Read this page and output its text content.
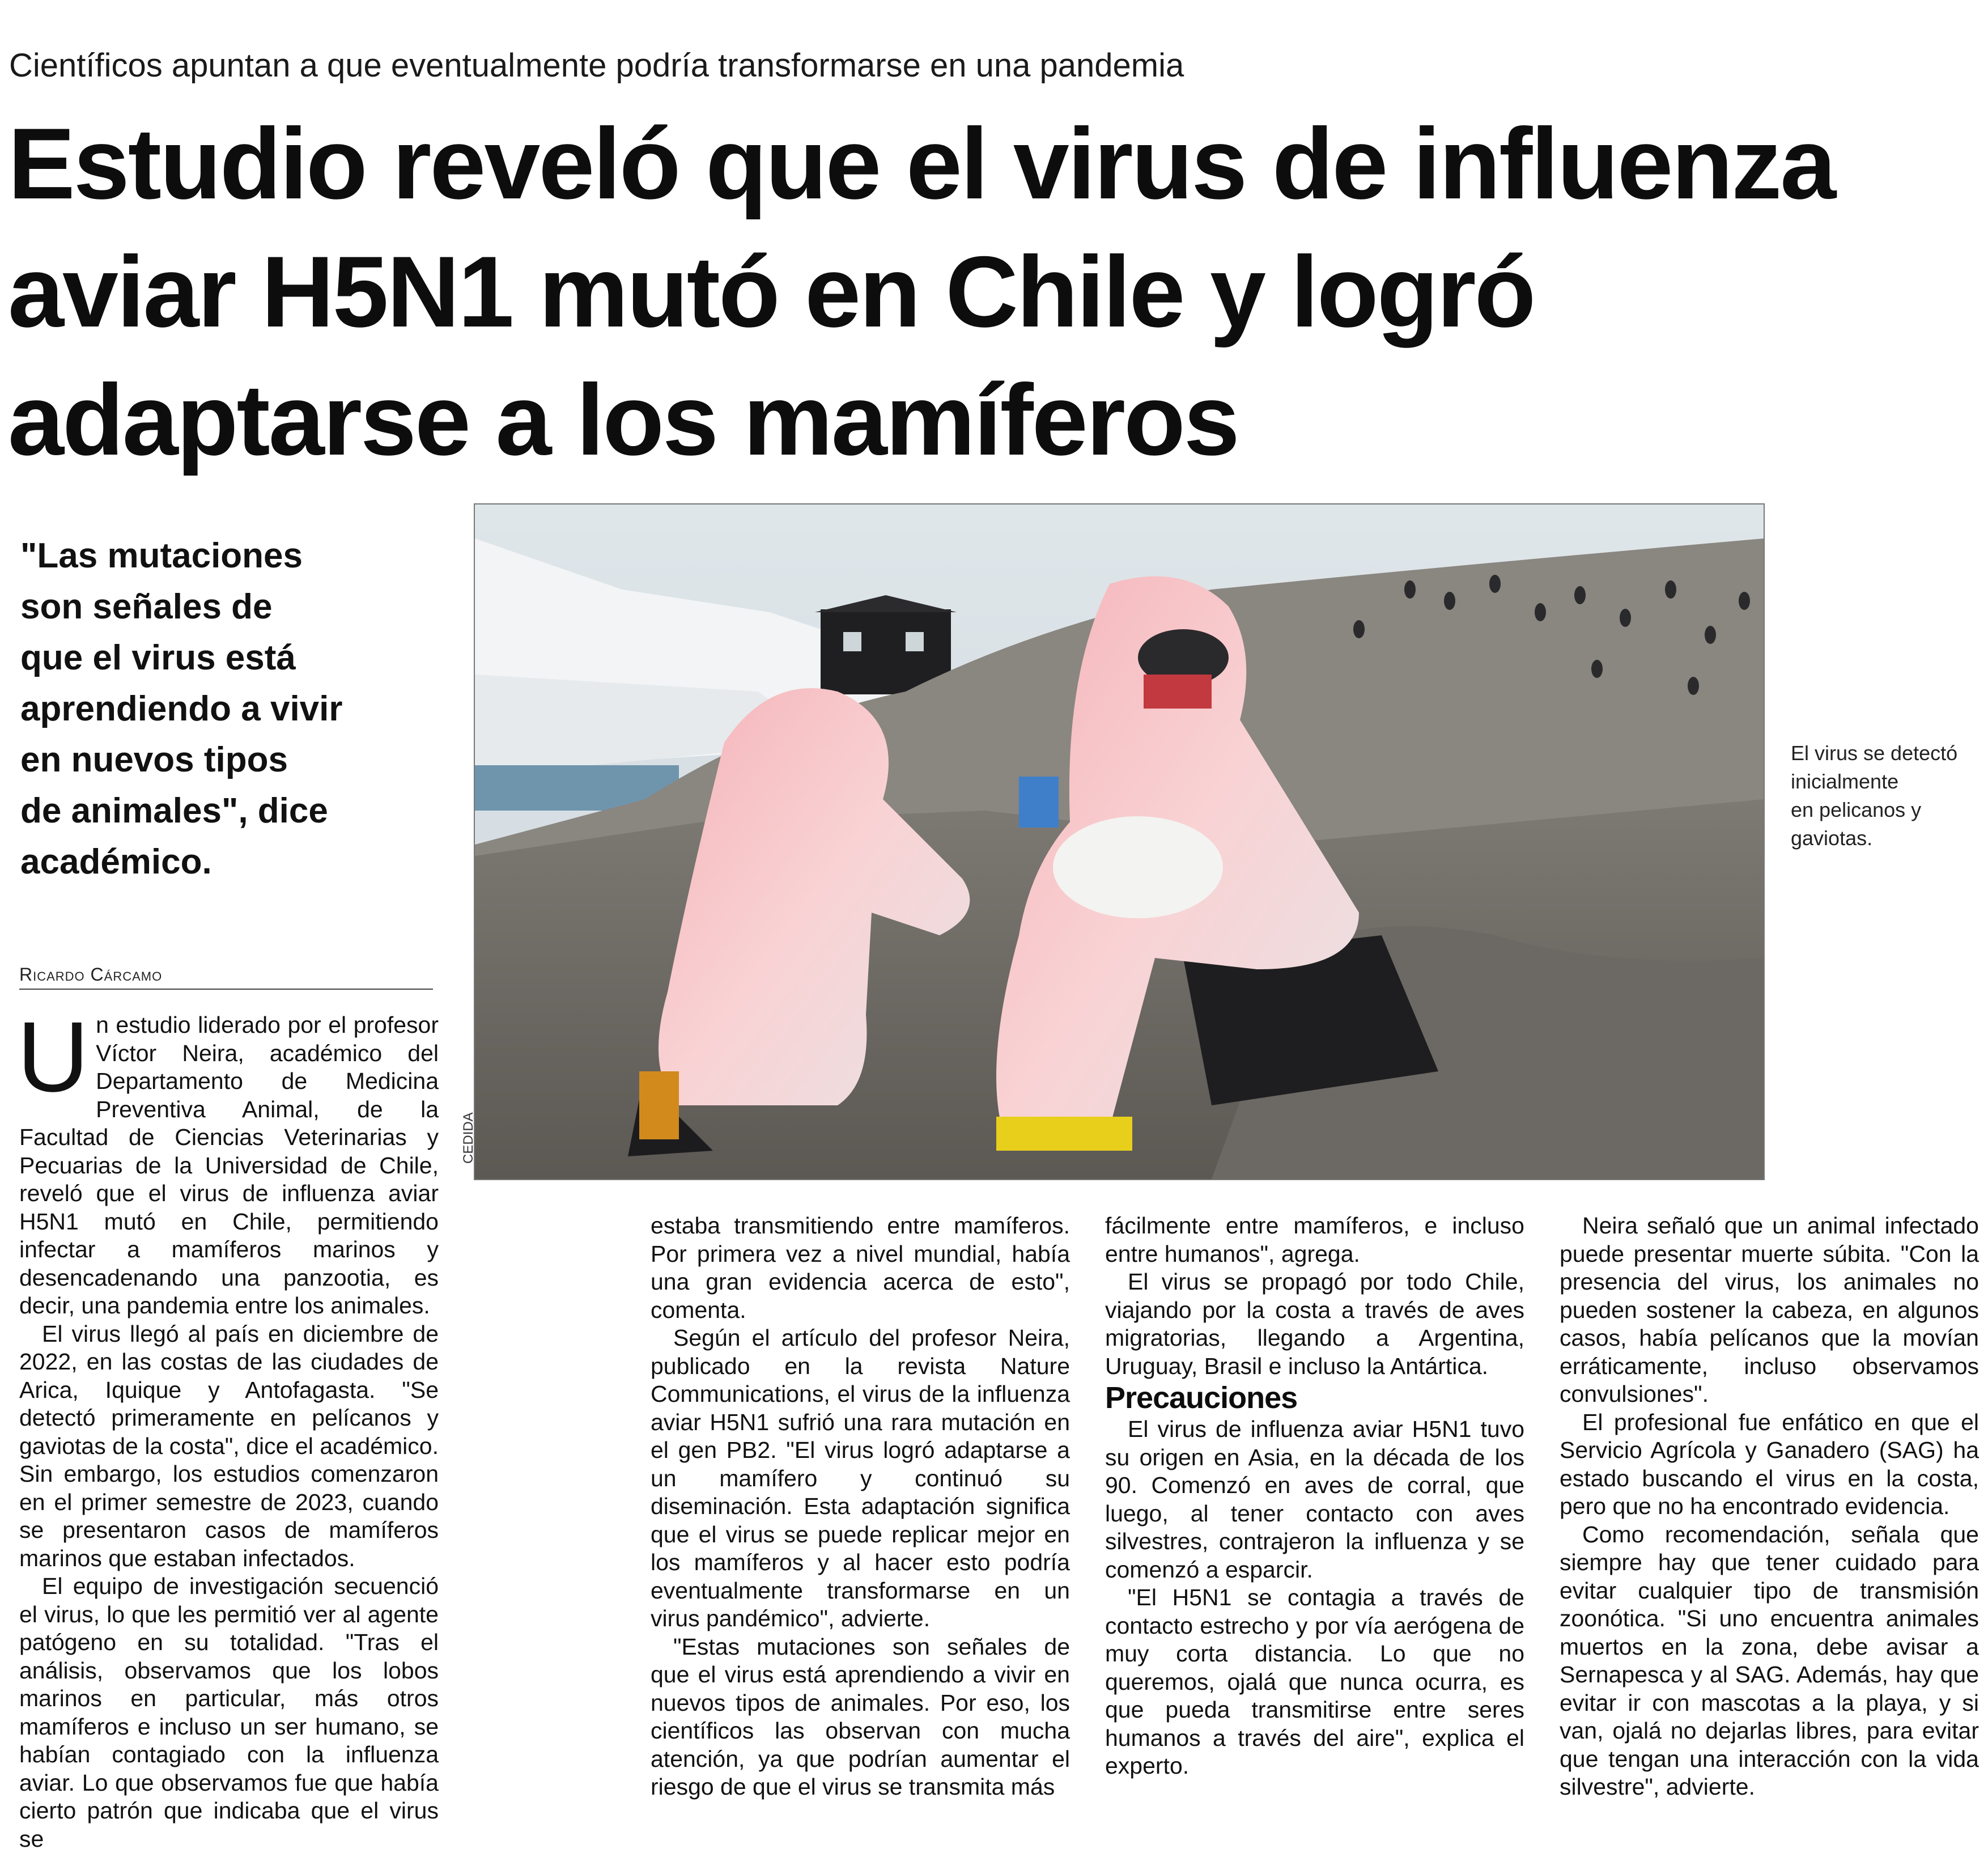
Científicos apuntan a que eventualmente podría transformarse en una pandemia
Estudio reveló que el virus de influenza
aviar H5N1 mutó en Chile y logró
adaptarse a los mamíferos
"Las mutaciones
son señales de
que el virus está
aprendiendo a vivir
en nuevos tipos
de animales", dice
académico.
CEDIDA
El virus se detectó
inicialmente
en pelicanos y
gaviotas.
Ricardo Cárcamo

Un estudio liderado por el profesor Víctor Neira, académico del Departamento de Medicina Preventiva Animal, de la Facultad de Ciencias Veterinarias y Pecuarias de la Universidad de Chile, reveló que el virus de influenza aviar H5N1 mutó en Chile, permitiendo infectar a mamíferos marinos y desencadenando una panzootia, es decir, una pandemia entre los animales.

El virus llegó al país en diciembre de 2022, en las costas de las ciudades de Arica, Iquique y Antofagasta. "Se detectó primeramente en pelícanos y gaviotas de la costa", dice el académico. Sin embargo, los estudios comenzaron en el primer semestre de 2023, cuando se presentaron casos de mamíferos marinos que estaban infectados.

El equipo de investigación secuenció el virus, lo que les permitió ver al agente patógeno en su totalidad. "Tras el análisis, observamos que los lobos marinos en particular, más otros mamíferos e incluso un ser humano, se habían contagiado con la influenza aviar. Lo que observamos fue que había cierto patrón que indicaba que el virus se

estaba transmitiendo entre mamíferos. Por primera vez a nivel mundial, había una gran evidencia acerca de esto", comenta.

Según el artículo del profesor Neira, publicado en la revista Nature Communications, el virus de la influenza aviar H5N1 sufrió una rara mutación en el gen PB2. "El virus logró adaptarse a un mamífero y continuó su diseminación. Esta adaptación significa que el virus se puede replicar mejor en los mamíferos y al hacer esto podría eventualmente transformarse en un virus pandémico", advierte.

"Estas mutaciones son señales de que el virus está aprendiendo a vivir en nuevos tipos de animales. Por eso, los científicos las observan con mucha atención, ya que podrían aumentar el riesgo de que el virus se transmita más

fácilmente entre mamíferos, e incluso entre humanos", agrega.

El virus se propagó por todo Chile, viajando por la costa a través de aves migratorias, llegando a Argentina, Uruguay, Brasil e incluso la Antártica.

Precauciones

El virus de influenza aviar H5N1 tuvo su origen en Asia, en la década de los 90. Comenzó en aves de corral, que luego, al tener contacto con aves silvestres, contrajeron la influenza y se comenzó a esparcir.

"El H5N1 se contagia a través de contacto estrecho y por vía aerógena de muy corta distancia. Lo que no queremos, ojalá que nunca ocurra, es que pueda transmitirse entre seres humanos a través del aire", explica el experto.

Neira señaló que un animal infectado puede presentar muerte súbita. "Con la presencia del virus, los animales no pueden sostener la cabeza, en algunos casos, había pelícanos que la movían erráticamente, incluso observamos convulsiones".

El profesional fue enfático en que el Servicio Agrícola y Ganadero (SAG) ha estado buscando el virus en la costa, pero que no ha encontrado evidencia.

Como recomendación, señala que siempre hay que tener cuidado para evitar cualquier tipo de transmisión zoonótica. "Si uno encuentra animales muertos en la zona, debe avisar a Sernapesca y al SAG. Además, hay que evitar ir con mascotas a la playa, y si van, ojalá no dejarlas libres, para evitar que tengan una interacción con la vida silvestre", advierte.
